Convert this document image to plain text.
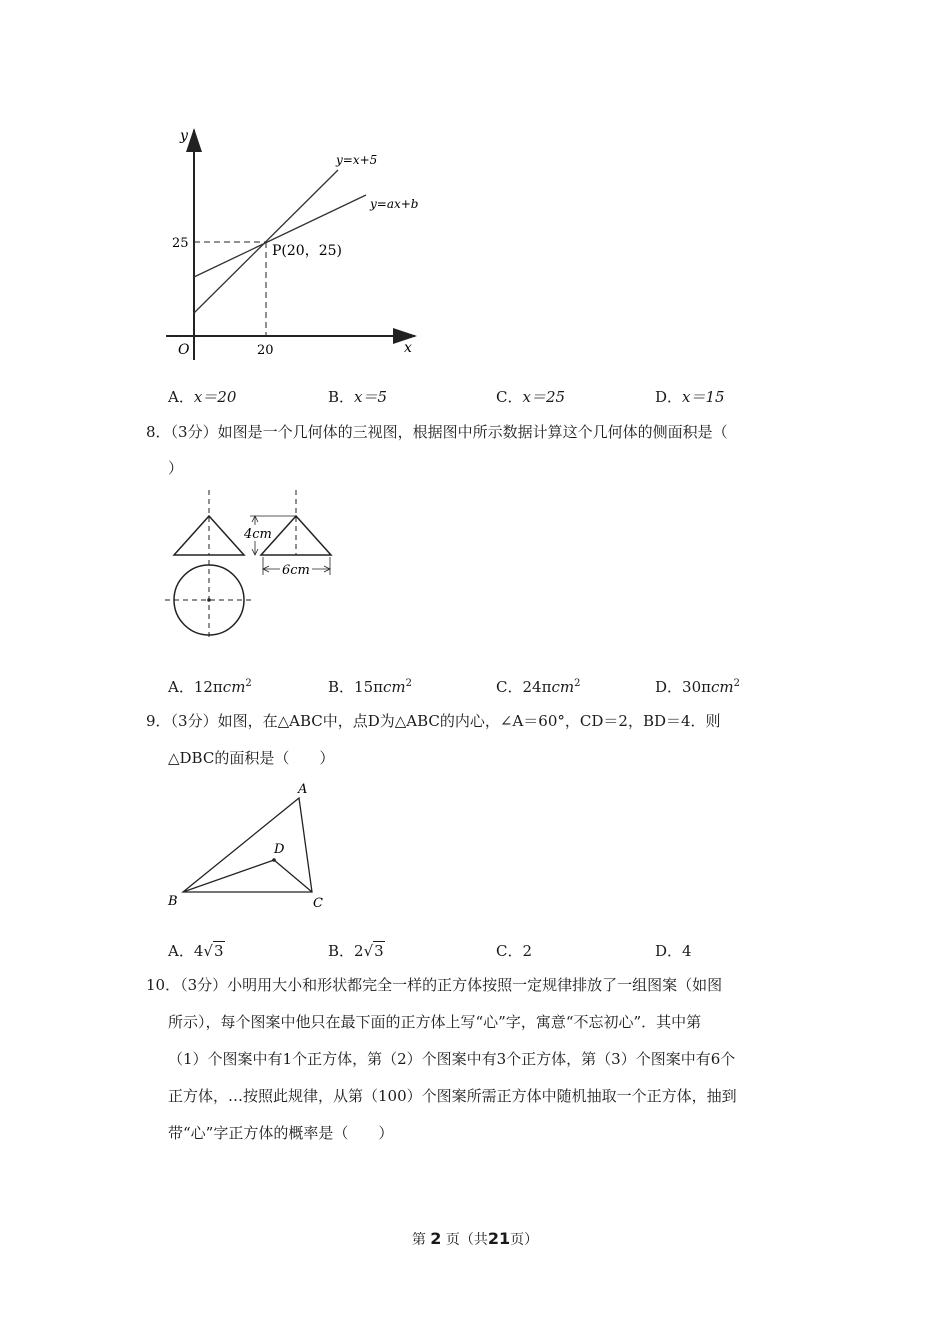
y
x
O
25
20
y=x+5
y=ax+b
P(20，25)
A．x＝20	B．x＝5	C．x＝25	D．x＝15
8．（3分）如图是一个几何体的三视图，根据图中所示数据计算这个几何体的侧面积是（
）
4cm
6cm
A．12πcm$^2$	B．15πcm$^2$	C．24πcm$^2$	D．30πcm$^2$
9．（3分）如图，在△ABC中，点D为△ABC的内心，∠A＝60°，CD＝2，BD＝4．则
△DBC的面积是（　　）
A
B	C
D
A．4√3	B．2√3	C．2	D．4
10．（3分）小明用大小和形状都完全一样的正方体按照一定规律排放了一组图案（如图
所示），每个图案中他只在最下面的正方体上写“心”字，寓意“不忘初心”．其中第
（1）个图案中有1个正方体，第（2）个图案中有3个正方体，第（3）个图案中有6个
正方体，…按照此规律，从第（100）个图案所需正方体中随机抽取一个正方体，抽到
带“心”字正方体的概率是（　　）
第 2 页（共21页）
